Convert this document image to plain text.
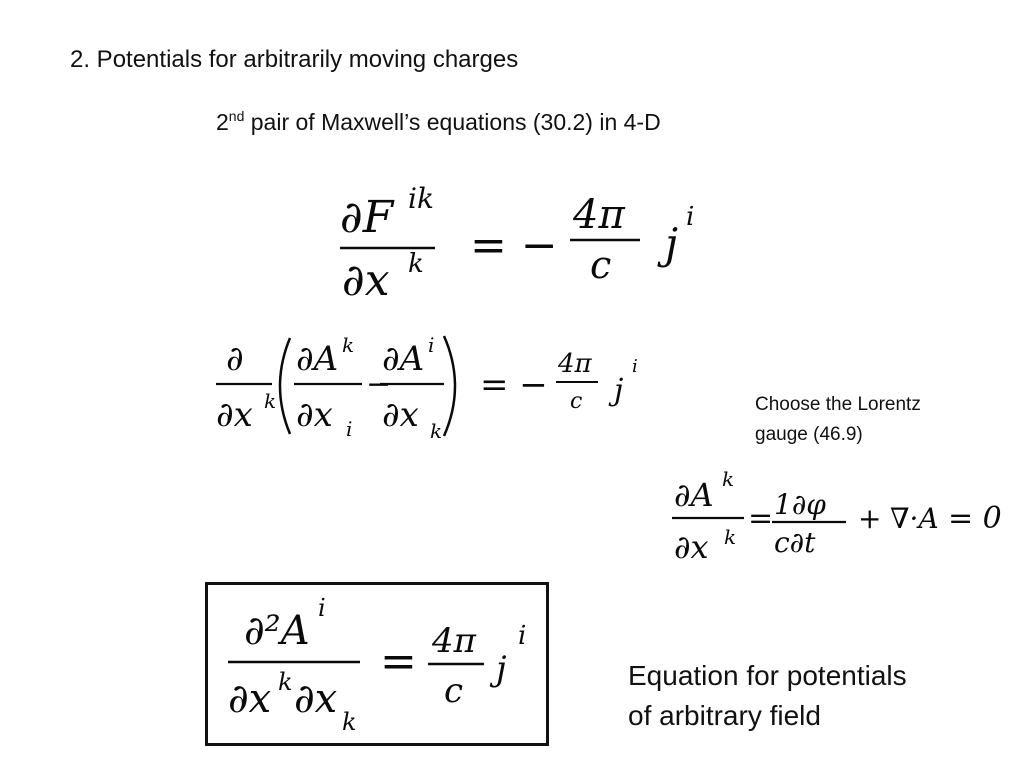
2. Potentials for arbitrarily moving charges
2nd pair of Maxwell’s equations (30.2) in 4-D
∂F ik
∂x k = −
4π
c j
i
∂
∂x k
∂A k
∂x i
−
∂A i
∂x k
= −
4π
c j
i
Choose the Lorentz
gauge (46.9)
∂A k
∂x k
= 1∂φ
c∂t
+ ∇·A = 0
∂²A i
∂x k ∂x k
= 4π
c
j
i
Equation for potentials
of arbitrary field
